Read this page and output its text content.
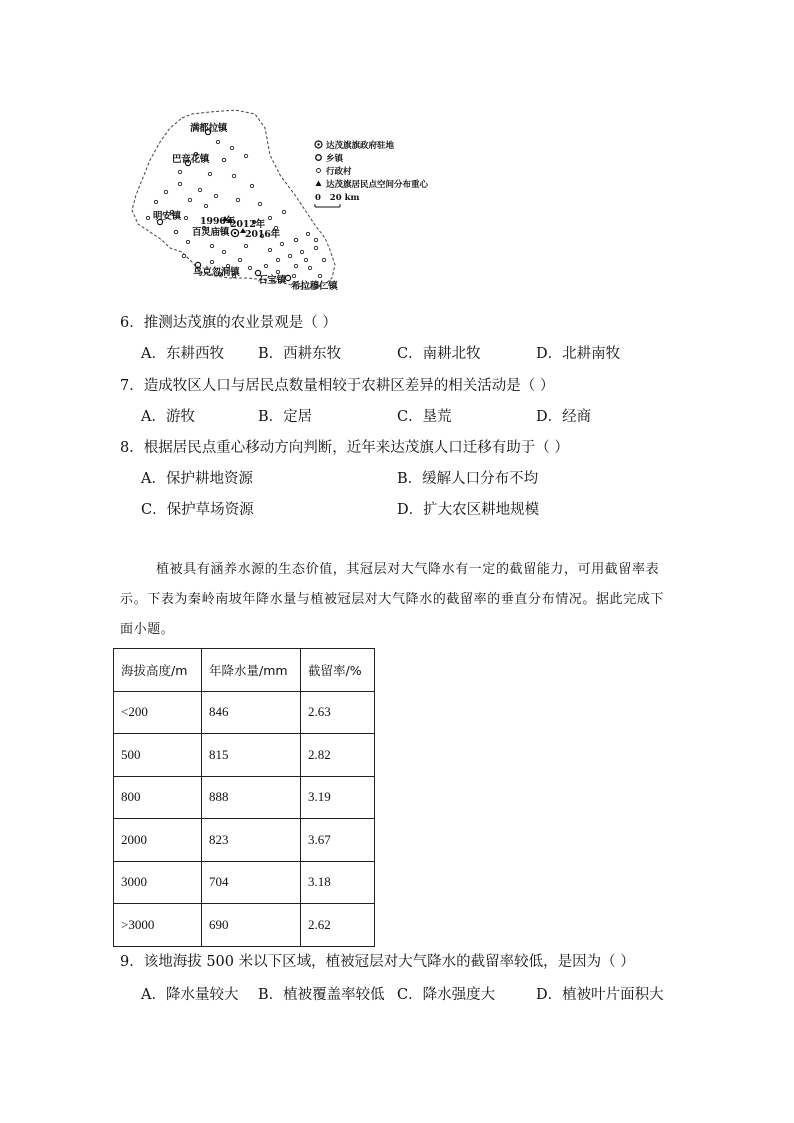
满都拉镇
巴音花镇
明安镇 1996年
2012年
百灵庙镇 2016年
乌克忽洞镇
石宝镇
希拉穆仁镇
达茂旗旗政府驻地
乡镇
行政村
达茂旗居民点空间分布重心
0   20 km
6．推测达茂旗的农业景观是（ ）
A．东耕西牧 B．西耕东牧	C．南耕北牧	D．北耕南牧
7．造成牧区人口与居民点数量相较于农耕区差异的相关活动是（ ）
A．游牧	B．定居	C．垦荒	D．经商
8．根据居民点重心移动方向判断，近年来达茂旗人口迁移有助于（ ）
A．保护耕地资源	B．缓解人口分布不均
C．保护草场资源	D．扩大农区耕地规模
植被具有涵养水源的生态价值，其冠层对大气降水有一定的截留能力，可用截留率表
示。下表为秦岭南坡年降水量与植被冠层对大气降水的截留率的垂直分布情况。据此完成下
面小题。
海拔高度/m	年降水量/mm	截留率/%
<200	846	2.63
500	815	2.82
800	888	3.19
2000	823	3.67
3000	704	3.18
>3000	690	2.62
9．该地海拔 500 米以下区域，植被冠层对大气降水的截留率较低，是因为（ ）
A．降水量较大 B．植被覆盖率较低 C．降水强度大	D．植被叶片面积大
